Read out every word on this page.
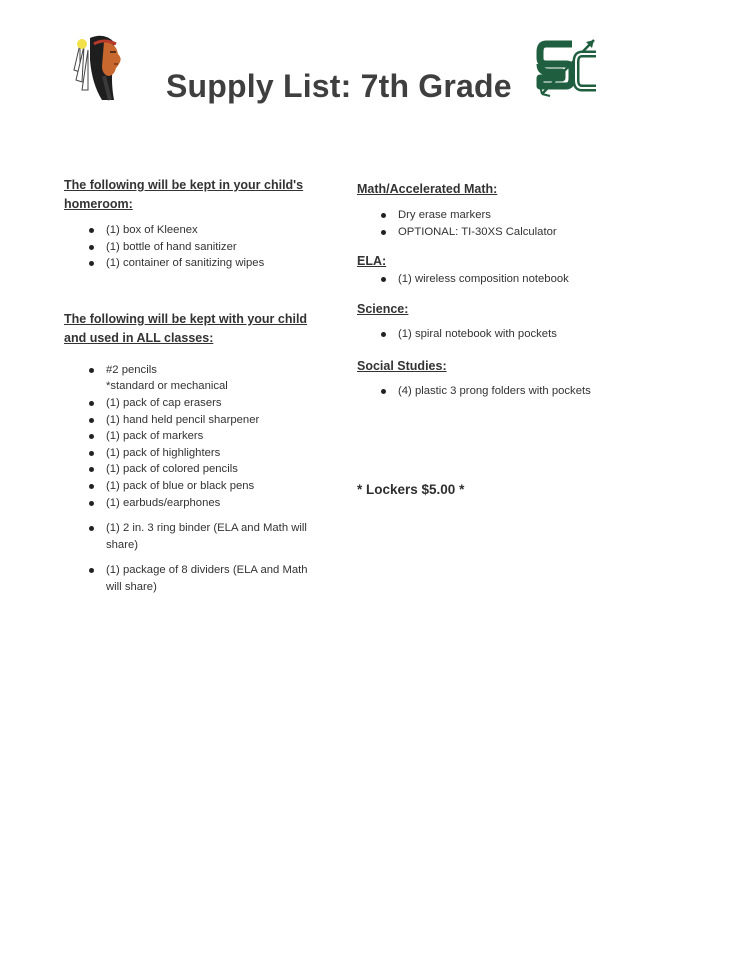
Supply List: 7th Grade
The following will be kept in your child's homeroom:
(1) box of Kleenex
(1) bottle of hand sanitizer
(1) container of sanitizing wipes
The following will be kept with your child and used in ALL classes:
#2 pencils
*standard or mechanical
(1) pack of cap erasers
(1) hand held pencil sharpener
(1) pack of markers
(1) pack of highlighters
(1) pack of colored pencils
(1) pack of blue or black pens
(1) earbuds/earphones
(1) 2 in. 3 ring binder (ELA and Math will share)
(1) package of 8 dividers (ELA and Math will share)
Math/Accelerated Math:
Dry erase markers
OPTIONAL: TI-30XS Calculator
ELA:
(1) wireless composition notebook
Science:
(1) spiral notebook with pockets
Social Studies:
(4) plastic 3 prong folders with pockets
* Lockers $5.00 *
